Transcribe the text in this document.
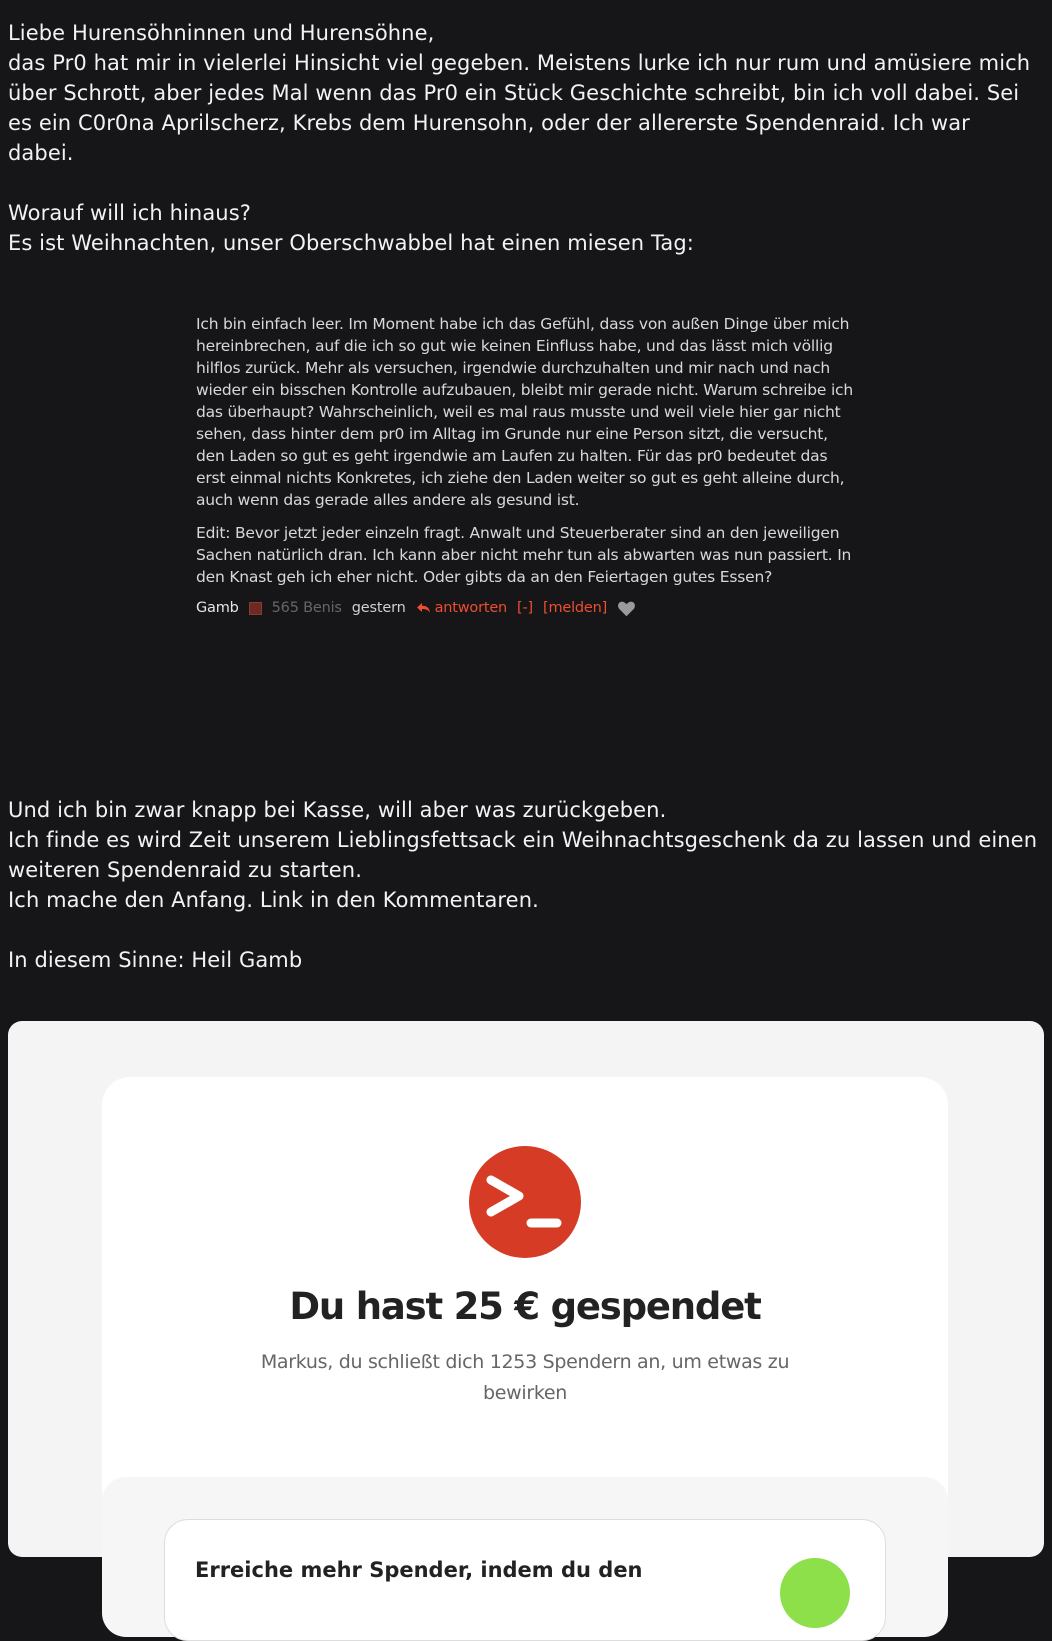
Liebe Hurensöhninnen und Hurensöhne,

das Pr0 hat mir in vielerlei Hinsicht viel gegeben. Meistens lurke ich nur rum und amüsiere mich über Schrott, aber jedes Mal wenn das Pr0 ein Stück Geschichte schreibt, bin ich voll dabei. Sei es ein C0r0na Aprilscherz, Krebs dem Hurensohn, oder der allererste Spendenraid. Ich war dabei.

Worauf will ich hinaus?

Es ist Weihnachten, unser Oberschwabbel hat einen miesen Tag:

Ich bin einfach leer. Im Moment habe ich das Gefühl, dass von außen Dinge über mich hereinbrechen, auf die ich so gut wie keinen Einfluss habe, und das lässt mich völlig hilflos zurück. Mehr als versuchen, irgendwie durchzuhalten und mir nach und nach wieder ein bisschen Kontrolle aufzubauen, bleibt mir gerade nicht. Warum schreibe ich das überhaupt? Wahrscheinlich, weil es mal raus musste und weil viele hier gar nicht sehen, dass hinter dem pr0 im Alltag im Grunde nur eine Person sitzt, die versucht, den Laden so gut es geht irgendwie am Laufen zu halten. Für das pr0 bedeutet das erst einmal nichts Konkretes, ich ziehe den Laden weiter so gut es geht alleine durch, auch wenn das gerade alles andere als gesund ist.

Edit: Bevor jetzt jeder einzeln fragt. Anwalt und Steuerberater sind an den jeweiligen Sachen natürlich dran. Ich kann aber nicht mehr tun als abwarten was nun passiert. In den Knast geh ich eher nicht. Oder gibts da an den Feiertagen gutes Essen?

Gamb 565 Benis gestern antworten [-] [melden]

Und ich bin zwar knapp bei Kasse, will aber was zurückgeben.

Ich finde es wird Zeit unserem Lieblingsfettsack ein Weihnachtsgeschenk da zu lassen und einen weiteren Spendenraid zu starten.

Ich mache den Anfang. Link in den Kommentaren.

In diesem Sinne: Heil Gamb

Du hast 25 € gespendet
Markus, du schließt dich 1253 Spendern an, um etwas zu bewirken
Erreiche mehr Spender, indem du den
